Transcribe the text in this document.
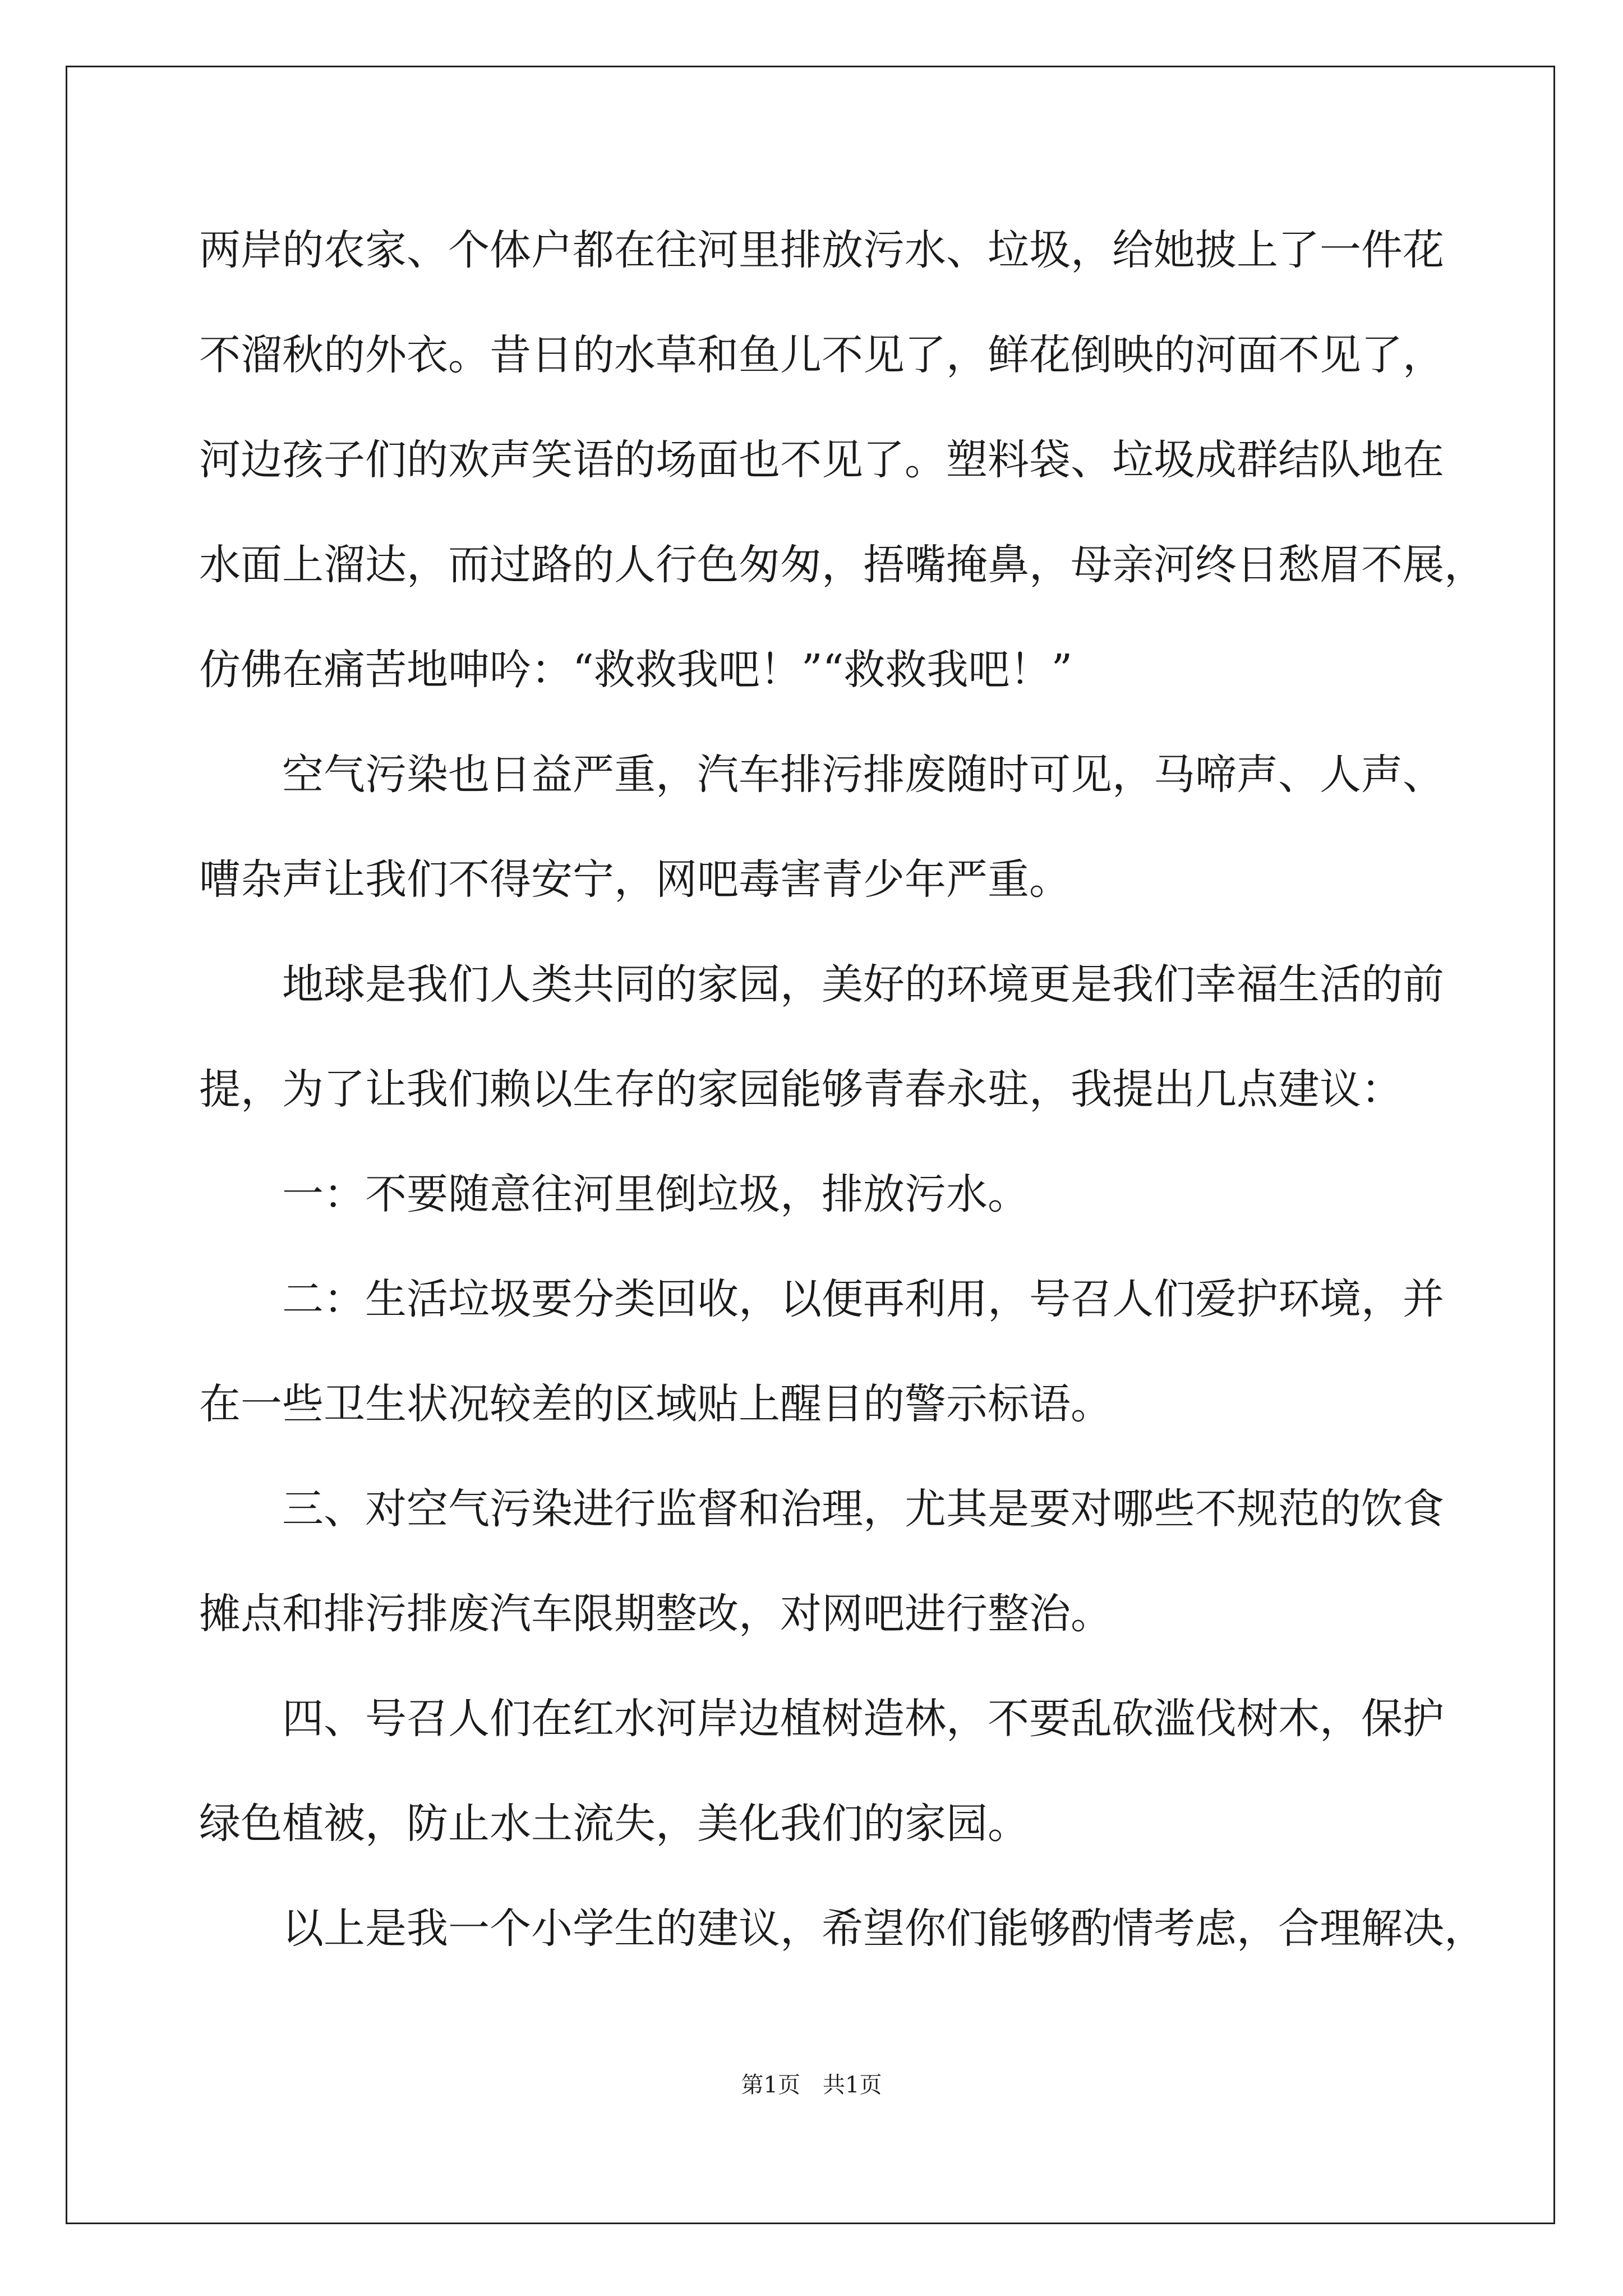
两岸的农家、个体户都在往河里排放污水、垃圾，给她披上了一件花

不溜秋的外衣。昔日的水草和鱼儿不见了，鲜花倒映的河面不见了，

河边孩子们的欢声笑语的场面也不见了。塑料袋、垃圾成群结队地在

水面上溜达，而过路的人行色匆匆，捂嘴掩鼻，母亲河终日愁眉不展，

仿佛在痛苦地呻吟：“救救我吧！”“救救我吧！”

空气污染也日益严重，汽车排污排废随时可见，马啼声、人声、

嘈杂声让我们不得安宁，网吧毒害青少年严重。

地球是我们人类共同的家园，美好的环境更是我们幸福生活的前

提，为了让我们赖以生存的家园能够青春永驻，我提出几点建议：

一：不要随意往河里倒垃圾，排放污水。

二：生活垃圾要分类回收，以便再利用，号召人们爱护环境，并

在一些卫生状况较差的区域贴上醒目的警示标语。

三、对空气污染进行监督和治理，尤其是要对哪些不规范的饮食

摊点和排污排废汽车限期整改，对网吧进行整治。

四、号召人们在红水河岸边植树造林，不要乱砍滥伐树木，保护

绿色植被，防止水土流失，美化我们的家园。

以上是我一个小学生的建议，希望你们能够酌情考虑，合理解决，

第1页　共1页
